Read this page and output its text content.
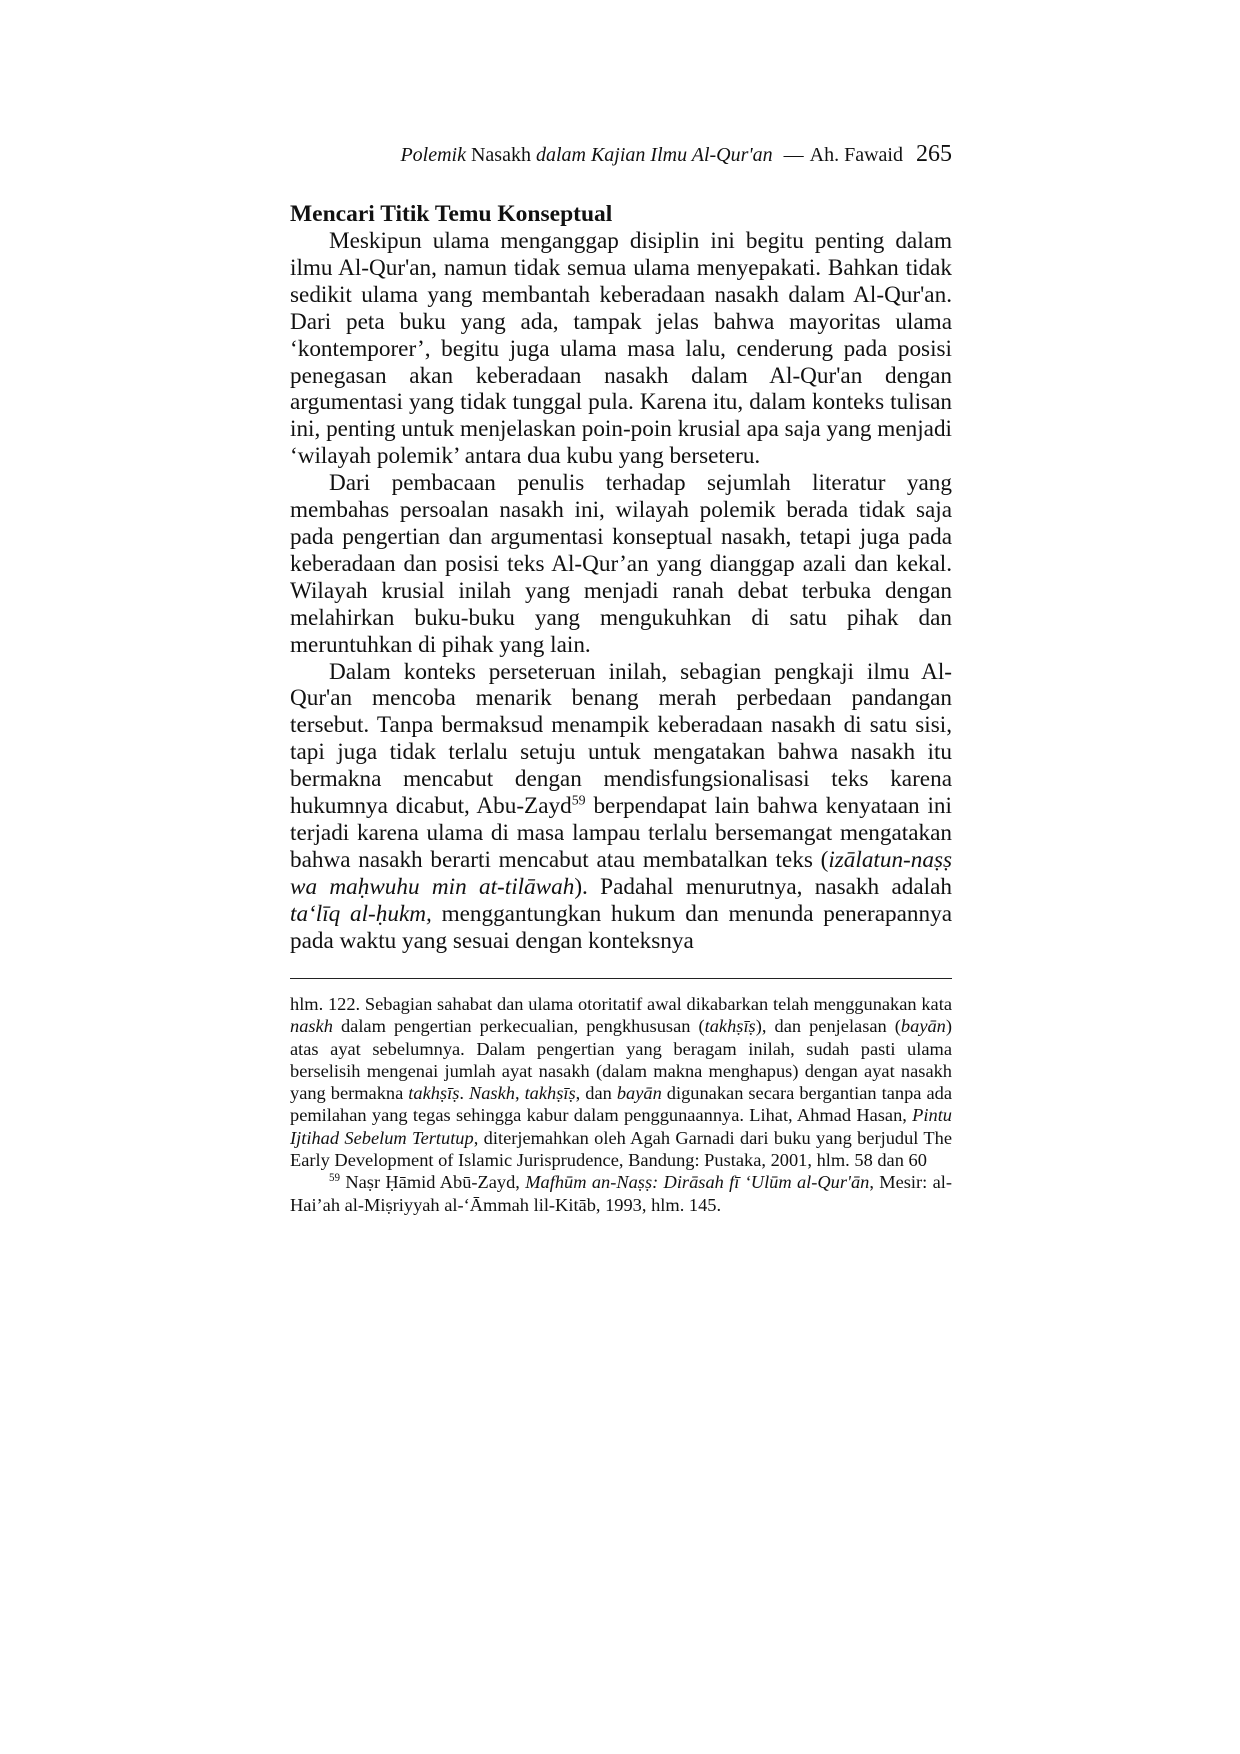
Polemik Nasakh dalam Kajian Ilmu Al-Qur'an — Ah. Fawaid 265

Mencari Titik Temu Konseptual

Meskipun ulama menganggap disiplin ini begitu penting dalam ilmu Al-Qur'an, namun tidak semua ulama menyepakati. Bahkan tidak sedikit ulama yang membantah keberadaan nasakh dalam Al-Qur'an. Dari peta buku yang ada, tampak jelas bahwa mayoritas ulama ‘kontemporer’, begitu juga ulama masa lalu, cenderung pada posisi penegasan akan keberadaan nasakh dalam Al-Qur'an dengan argumentasi yang tidak tunggal pula. Karena itu, dalam konteks tulisan ini, penting untuk menjelaskan poin-poin krusial apa saja yang menjadi ‘wilayah polemik’ antara dua kubu yang berseteru.

Dari pembacaan penulis terhadap sejumlah literatur yang membahas persoalan nasakh ini, wilayah polemik berada tidak saja pada pengertian dan argumentasi konseptual nasakh, tetapi juga pada keberadaan dan posisi teks Al-Qur’an yang dianggap azali dan kekal. Wilayah krusial inilah yang menjadi ranah debat terbuka dengan melahirkan buku-buku yang mengukuhkan di satu pihak dan meruntuhkan di pihak yang lain.

Dalam konteks perseteruan inilah, sebagian pengkaji ilmu Al-Qur'an mencoba menarik benang merah perbedaan pandangan tersebut. Tanpa bermaksud menampik keberadaan nasakh di satu sisi, tapi juga tidak terlalu setuju untuk mengatakan bahwa nasakh itu bermakna mencabut dengan mendisfungsionalisasi teks karena hukumnya dicabut, Abu-Zayd$^{59}$ berpendapat lain bahwa kenyataan ini terjadi karena ulama di masa lampau terlalu bersemangat mengatakan bahwa nasakh berarti mencabut atau membatalkan teks (izālatun-naṣṣ wa maḥwuhu min at-tilāwah). Padahal menurutnya, nasakh adalah ta‘līq al-ḥukm, menggantungkan hukum dan menunda penerapannya pada waktu yang sesuai dengan konteksnya

hlm. 122. Sebagian sahabat dan ulama otoritatif awal dikabarkan telah menggunakan kata naskh dalam pengertian perkecualian, pengkhususan (takhṣīṣ), dan penjelasan (bayān) atas ayat sebelumnya. Dalam pengertian yang beragam inilah, sudah pasti ulama berselisih mengenai jumlah ayat nasakh (dalam makna menghapus) dengan ayat nasakh yang bermakna takhṣīṣ. Naskh, takhṣīṣ, dan bayān digunakan secara bergantian tanpa ada pemilahan yang tegas sehingga kabur dalam penggunaannya. Lihat, Ahmad Hasan, Pintu Ijtihad Sebelum Tertutup, diterjemahkan oleh Agah Garnadi dari buku yang berjudul The Early Development of Islamic Jurisprudence, Bandung: Pustaka, 2001, hlm. 58 dan 60

$^{59}$ Naṣr Ḥāmid Abū-Zayd, Mafhūm an-Naṣṣ: Dirāsah fī ‘Ulūm al-Qur'ān, Mesir: al-Hai’ah al-Miṣriyyah al-‘Āmmah lil-Kitāb, 1993, hlm. 145.
